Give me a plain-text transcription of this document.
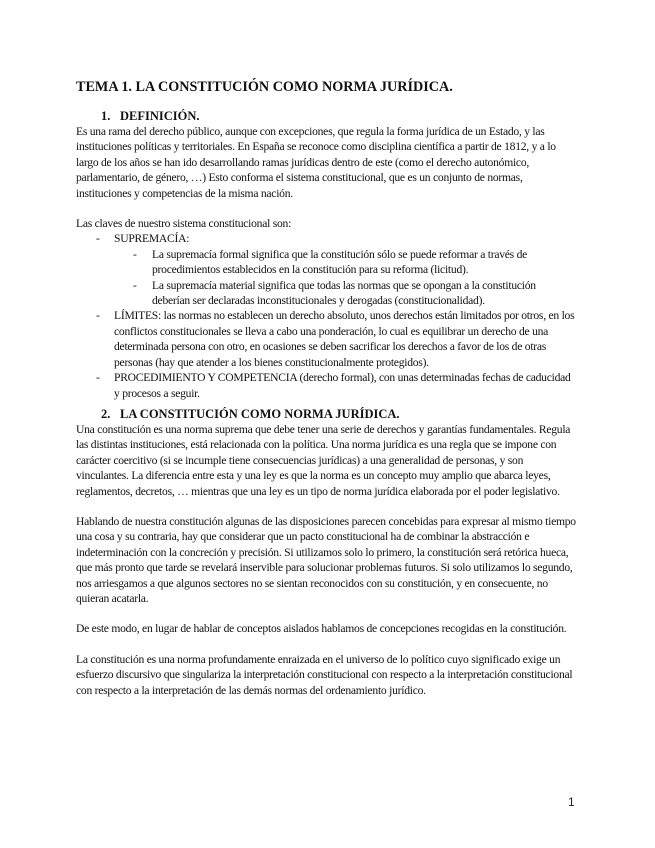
TEMA 1. LA CONSTITUCIÓN COMO NORMA JURÍDICA.
1. DEFINICIÓN.

Es una rama del derecho público, aunque con excepciones, que regula la forma jurídica de un Estado, y las instituciones políticas y territoriales. En España se reconoce como disciplina científica a partir de 1812, y a lo largo de los años se han ido desarrollando ramas jurídicas dentro de este (como el derecho autonómico, parlamentario, de género, …) Esto conforma el sistema constitucional, que es un conjunto de normas, instituciones y competencias de la misma nación.

Las claves de nuestro sistema constitucional son:

- SUPREMACÍA:
- La supremacía formal significa que la constitución sólo se puede reformar a través de procedimientos establecidos en la constitución para su reforma (licitud).
- La supremacía material significa que todas las normas que se opongan a la constitución deberían ser declaradas inconstitucionales y derogadas (constitucionalidad).
- LÍMITES: las normas no establecen un derecho absoluto, unos derechos están limitados por otros, en los conflictos constitucionales se lleva a cabo una ponderación, lo cual es equilibrar un derecho de una determinada persona con otro, en ocasiones se deben sacrificar los derechos a favor de los de otras personas (hay que atender a los bienes constitucionalmente protegidos).
- PROCEDIMIENTO Y COMPETENCIA (derecho formal), con unas determinadas fechas de caducidad y procesos a seguir.
2. LA CONSTITUCIÓN COMO NORMA JURÍDICA.

Una constitución es una norma suprema que debe tener una serie de derechos y garantías fundamentales. Regula las distintas instituciones, está relacionada con la política. Una norma jurídica es una regla que se impone con carácter coercitivo (si se incumple tiene consecuencias jurídicas) a una generalidad de personas, y son vinculantes. La diferencia entre esta y una ley es que la norma es un concepto muy amplio que abarca leyes, reglamentos, decretos, … mientras que una ley es un tipo de norma jurídica elaborada por el poder legislativo.

Hablando de nuestra constitución algunas de las disposiciones parecen concebidas para expresar al mismo tiempo una cosa y su contraria, hay que considerar que un pacto constitucional ha de combinar la abstracción e indeterminación con la concreción y precisión. Si utilizamos solo lo primero, la constitución será retórica hueca, que más pronto que tarde se revelará inservible para solucionar problemas futuros. Si solo utilizamos lo segundo, nos arriesgamos a que algunos sectores no se sientan reconocidos con su constitución, y en consecuente, no quieran acatarla.

De este modo, en lugar de hablar de conceptos aislados hablamos de concepciones recogidas en la constitución.

La constitución es una norma profundamente enraizada en el universo de lo político cuyo significado exige un esfuerzo discursivo que singulariza la interpretación constitucional con respecto a la interpretación constitucional con respecto a la interpretación de las demás normas del ordenamiento jurídico.

1
